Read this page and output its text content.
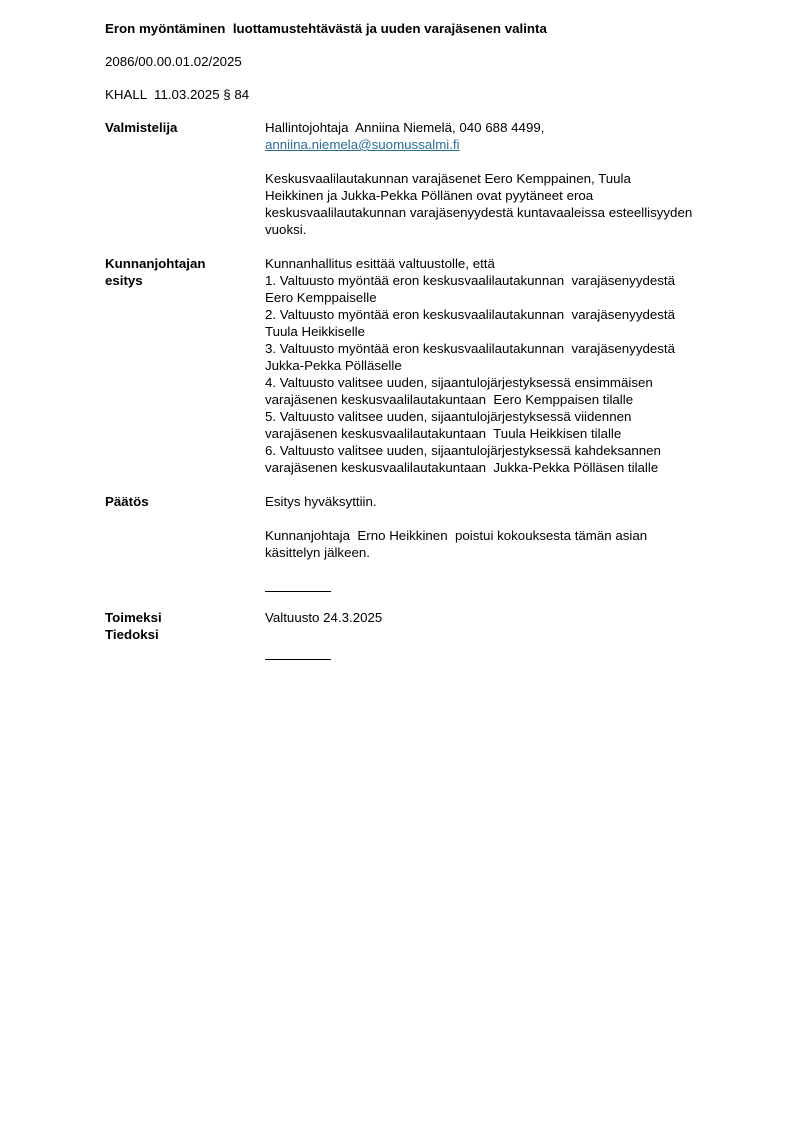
Eron myöntäminen  luottamustehtävästä ja uuden varajäsenen valinta
2086/00.00.01.02/2025
KHALL  11.03.2025 § 84
Valmistelija	Hallintojohtaja  Anniina Niemelä, 040 688 4499,
anniina.niemela@suomussalmi.fi
Keskusvaalilautakunnan varajäsenet Eero Kemppainen, Tuula
Heikkinen ja Jukka-Pekka Pöllänen ovat pyytäneet eroa
keskusvaalilautakunnan varajäsenyydestä kuntavaaleissa esteellisyyden
vuoksi.
Kunnanjohtajan
esitys
Kunnanhallitus esittää valtuustolle, että
1. Valtuusto myöntää eron keskusvaalilautakunnan  varajäsenyydestä
Eero Kemppaiselle
2. Valtuusto myöntää eron keskusvaalilautakunnan  varajäsenyydestä
Tuula Heikkiselle
3. Valtuusto myöntää eron keskusvaalilautakunnan  varajäsenyydestä
Jukka-Pekka Pölläselle
4. Valtuusto valitsee uuden, sijaantulojärjestyksessä ensimmäisen
varajäsenen keskusvaalilautakuntaan  Eero Kemppaisen tilalle
5. Valtuusto valitsee uuden, sijaantulojärjestyksessä viidennen
varajäsenen keskusvaalilautakuntaan  Tuula Heikkisen tilalle
6. Valtuusto valitsee uuden, sijaantulojärjestyksessä kahdeksannen
varajäsenen keskusvaalilautakuntaan  Jukka-Pekka Pölläsen tilalle
Päätös	Esitys hyväksyttiin.
Kunnanjohtaja  Erno Heikkinen  poistui kokouksesta tämän asian
käsittelyn jälkeen.
Toimeksi
Tiedoksi
Valtuusto 24.3.2025
